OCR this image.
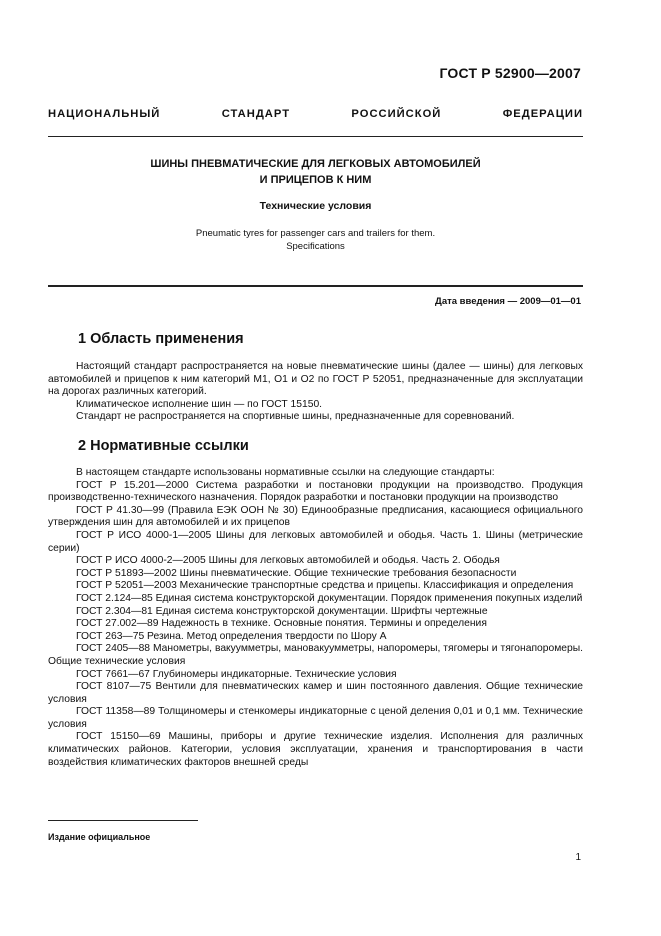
ГОСТ Р 52900—2007
НАЦИОНАЛЬНЫЙ СТАНДАРТ РОССИЙСКОЙ ФЕДЕРАЦИИ
ШИНЫ ПНЕВМАТИЧЕСКИЕ ДЛЯ ЛЕГКОВЫХ АВТОМОБИЛЕЙ
И ПРИЦЕПОВ К НИМ
Технические условия
Pneumatic tyres for passenger cars and trailers for them.
Specifications
Дата введения — 2009—01—01
1 Область применения

Настоящий стандарт распространяется на новые пневматические шины (далее — шины) для легковых автомобилей и прицепов к ним категорий М1, О1 и О2 по ГОСТ Р 52051, предназначенные для эксплуатации на дорогах различных категорий.

Климатическое исполнение шин — по ГОСТ 15150.

Стандарт не распространяется на спортивные шины, предназначенные для соревнований.

2 Нормативные ссылки

В настоящем стандарте использованы нормативные ссылки на следующие стандарты:

ГОСТ Р 15.201—2000 Система разработки и постановки продукции на производство. Продукция производственно-технического назначения. Порядок разработки и постановки продукции на производство

ГОСТ Р 41.30—99 (Правила ЕЭК ООН № 30) Единообразные предписания, касающиеся официального утверждения шин для автомобилей и их прицепов

ГОСТ Р ИСО 4000-1—2005 Шины для легковых автомобилей и ободья. Часть 1. Шины (метрические серии)

ГОСТ Р ИСО 4000-2—2005 Шины для легковых автомобилей и ободья. Часть 2. Ободья

ГОСТ Р 51893—2002 Шины пневматические. Общие технические требования безопасности

ГОСТ Р 52051—2003 Механические транспортные средства и прицепы. Классификация и определения

ГОСТ 2.124—85 Единая система конструкторской документации. Порядок применения покупных изделий

ГОСТ 2.304—81 Единая система конструкторской документации. Шрифты чертежные

ГОСТ 27.002—89 Надежность в технике. Основные понятия. Термины и определения

ГОСТ 263—75 Резина. Метод определения твердости по Шору А

ГОСТ 2405—88 Манометры, вакуумметры, мановакуумметры, напоромеры, тягомеры и тягонапоромеры. Общие технические условия

ГОСТ 7661—67 Глубиномеры индикаторные. Технические условия

ГОСТ 8107—75 Вентили для пневматических камер и шин постоянного давления. Общие технические условия

ГОСТ 11358—89 Толщиномеры и стенкомеры индикаторные с ценой деления 0,01 и 0,1 мм. Технические условия

ГОСТ 15150—69 Машины, приборы и другие технические изделия. Исполнения для различных климатических районов. Категории, условия эксплуатации, хранения и транспортирования в части воздействия климатических факторов внешней среды

Издание официальное
1
